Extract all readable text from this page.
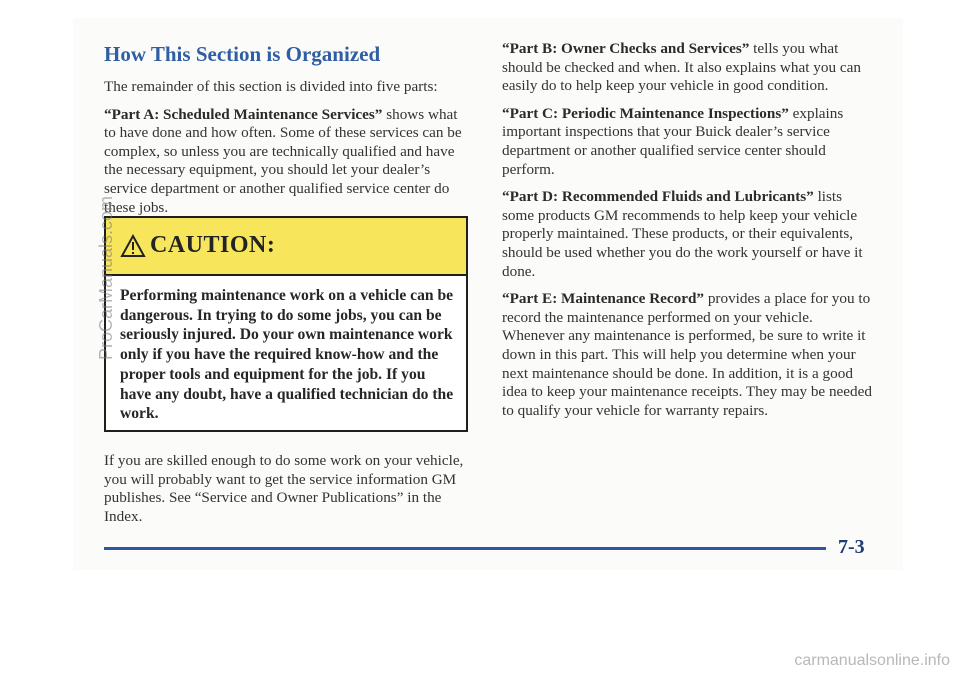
How This Section is Organized

The remainder of this section is divided into five parts:

“Part A: Scheduled Maintenance Services” shows what to have done and how often. Some of these services can be complex, so unless you are technically qualified and have the necessary equipment, you should let your dealer’s service department or another qualified service center do these jobs.

CAUTION:
Performing maintenance work on a vehicle can be dangerous. In trying to do some jobs, you can be seriously injured. Do your own maintenance work only if you have the required know-how and the proper tools and equipment for the job. If you have any doubt, have a qualified technician do the work.

If you are skilled enough to do some work on your vehicle, you will probably want to get the service information GM publishes. See “Service and Owner Publications” in the Index.

“Part B: Owner Checks and Services” tells you what should be checked and when. It also explains what you can easily do to help keep your vehicle in good condition.

“Part C: Periodic Maintenance Inspections” explains important inspections that your Buick dealer’s service department or another qualified service center should perform.

“Part D: Recommended Fluids and Lubricants” lists some products GM recommends to help keep your vehicle properly maintained. These products, or their equivalents, should be used whether you do the work yourself or have it done.

“Part E: Maintenance Record” provides a place for you to record the maintenance performed on your vehicle. Whenever any maintenance is performed, be sure to write it down in this part. This will help you determine when your next maintenance should be done. In addition, it is a good idea to keep your maintenance receipts. They may be needed to qualify your vehicle for warranty repairs.

7-3
ProCarManuals.com
carmanualsonline.info
